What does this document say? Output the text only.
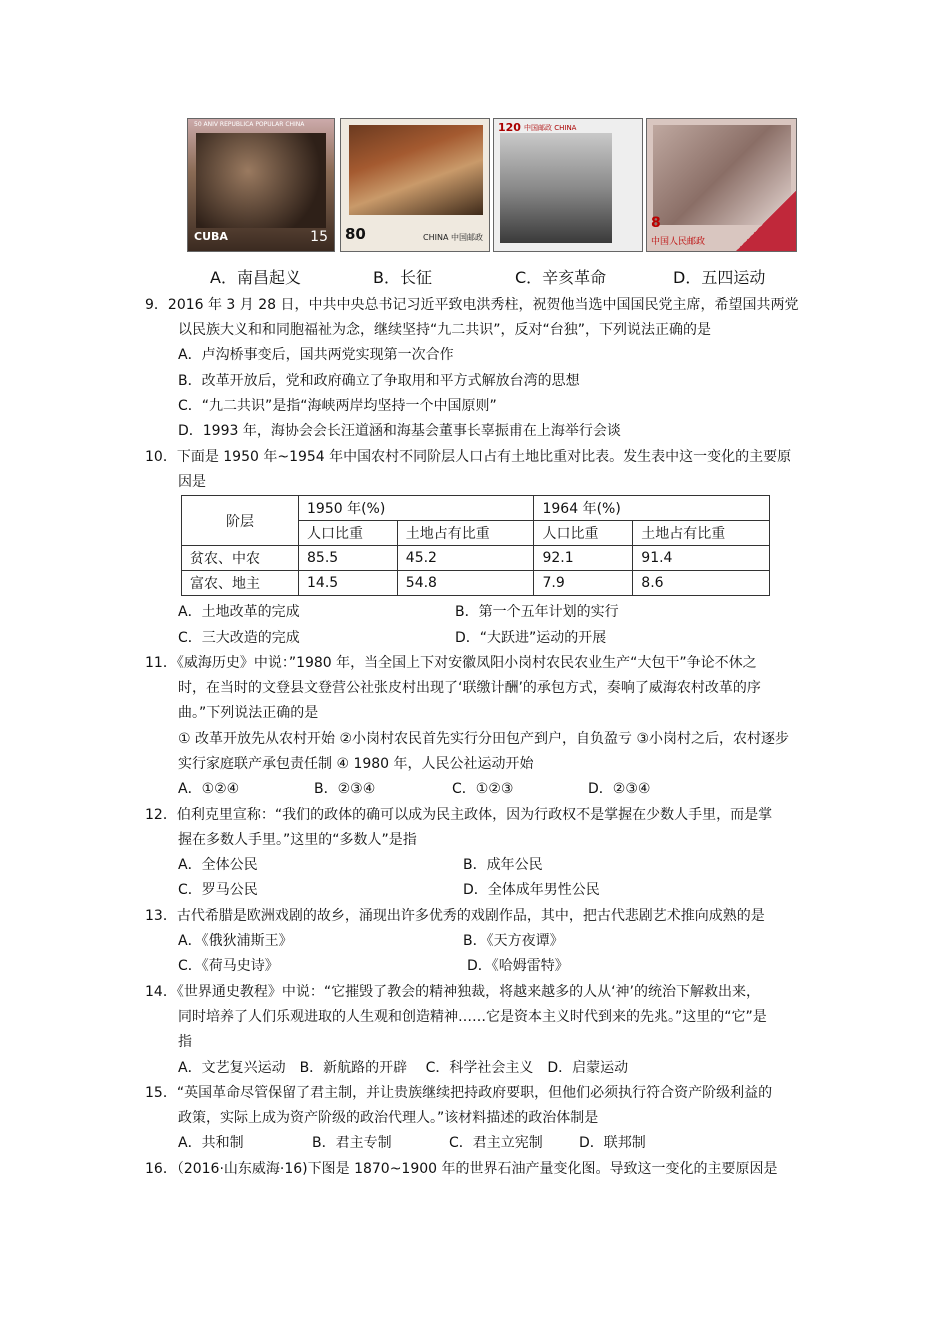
50 ANIV REPUBLICA POPULAR CHINA
CUBA	15 80	CHINA 中国邮政
120 中国邮政 CHINA
8
中国人民邮政
A．南昌起义	B．长征	C．辛亥革命	D．五四运动
9．2016 年 3 月 28 日，中共中央总书记习近平致电洪秀柱，祝贺他当选中国国民党主席，希望国共两党
以民族大义和和同胞福祉为念，继续坚持“九二共识”，反对“台独”，下列说法正确的是
A．卢沟桥事变后，国共两党实现第一次合作
B．改革开放后，党和政府确立了争取用和平方式解放台湾的思想
C．“九二共识”是指“海峡两岸均坚持一个中国原则”
D．1993 年，海协会会长汪道涵和海基会董事长辜振甫在上海举行会谈
10．下面是 1950 年~1954 年中国农村不同阶层人口占有土地比重对比表。发生表中这一变化的主要原
因是
阶层	1950 年(%)		1964 年(%)	
	人口比重	土地占有比重	人口比重	土地占有比重
贫农、中农	85.5	45.2	92.1	91.4
富农、地主	14.5	54.8	7.9	8.6
A．土地改革的完成	B．第一个五年计划的实行
C．三大改造的完成	D．“大跃进”运动的开展
11．《威海历史》中说：”1980 年，当全国上下对安徽凤阳小岗村农民农业生产“大包干”争论不休之
时，在当时的文登县文登营公社张皮村出现了‘联缴计酬’的承包方式，奏响了威海农村改革的序
曲。”下列说法正确的是
① 改革开放先从农村开始 ②小岗村农民首先实行分田包产到户，自负盈亏 ③小岗村之后，农村逐步
实行家庭联产承包责任制 ④ 1980 年，人民公社运动开始
A．①②④	B．②③④	C．①②③	D．②③④
12．伯利克里宣称：“我们的政体的确可以成为民主政体，因为行政权不是掌握在少数人手里，而是掌
握在多数人手里。”这里的“多数人”是指
A．全体公民	B．成年公民
C．罗马公民	D．全体成年男性公民
13．古代希腊是欧洲戏剧的故乡，涌现出许多优秀的戏剧作品，其中，把古代悲剧艺术推向成熟的是
A．《俄狄浦斯王》	B．《天方夜谭》
C．《荷马史诗》	D．《哈姆雷特》
14．《世界通史教程》中说：“它摧毁了教会的精神独裁，将越来越多的人从‘神’的统治下解救出来，
同时培养了人们乐观进取的人生观和创造精神……它是资本主义时代到来的先兆。”这里的“它”是
指
A．文艺复兴运动　B．新航路的开辟　 C．科学社会主义　D．启蒙运动
15．“英国革命尽管保留了君主制，并让贵族继续把持政府要职，但他们必须执行符合资产阶级利益的
政策，实际上成为资产阶级的政治代理人。”该材料描述的政治体制是
A．共和制	B．君主专制	C．君主立宪制	D．联邦制
16．（2016·山东威海·16)下图是 1870~1900 年的世界石油产量变化图。导致这一变化的主要原因是
